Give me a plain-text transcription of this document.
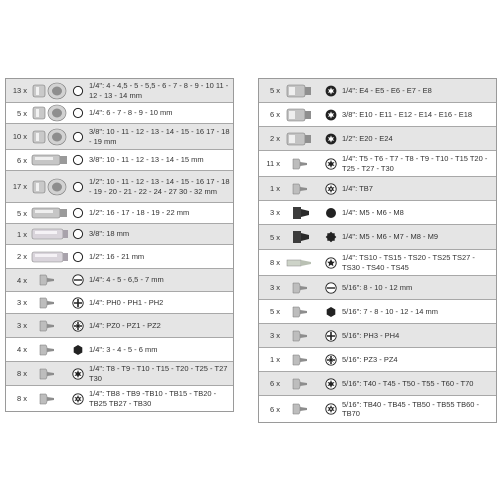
13 x
1/4": 4 - 4,5 - 5 - 5,5 - 6 - 7 - 8 - 9 - 10 11 - 12 - 13 - 14 mm
5 x	1/4": 6 - 7 - 8 - 9 - 10 mm
10 x
3/8": 10 - 11 - 12 - 13 - 14 - 15 - 16 17 - 18 - 19 mm
6 x	3/8": 10 - 11 - 12 - 13 - 14 - 15 mm
17 x
1/2": 10 - 11 - 12 - 13 - 14 - 15 - 16 17 - 18 - 19 - 20 - 21 - 22 - 24 - 27 30 - 32 mm
5 x	1/2": 16 - 17 - 18 - 19 - 22 mm
1 x	3/8": 18 mm
2 x	1/2": 16 - 21 mm
4 x	1/4": 4 - 5 - 6,5 - 7 mm
3 x	1/4": PH0 - PH1 - PH2
3 x	1/4": PZ0 - PZ1 - PZ2
4 x	1/4": 3 - 4 - 5 - 6 mm
8 x
1/4": T8 - T9 - T10 - T15 - T20 - T25 - T27 T30
8 x
1/4": TB8 - TB9 -TB10 - TB15 - TB20 - TB25 TB27 - TB30
5 x	1/4": E4 - E5 - E6 - E7 - E8
6 x	3/8": E10 - E11 - E12 - E14 - E16 - E18
2 x	1/2": E20 - E24
11 x
1/4": T5 - T6 - T7 - T8 - T9 - T10 - T15 T20 - T25 - T27 - T30
1 x	1/4": TB7
3 x	1/4": M5 - M6 - M8
5 x	1/4": M5 - M6 - M7 - M8 - M9
8 x
1/4": TS10 - TS15 - TS20 - TS25 TS27 - TS30 - TS40 - TS45
3 x	5/16": 8 - 10 - 12 mm
5 x	5/16": 7 - 8 - 10 - 12 - 14 mm
3 x	5/16": PH3 - PH4
1 x	5/16": PZ3 - PZ4
6 x	5/16": T40 - T45 - T50 - T55 - T60 - T70
6 x
5/16": TB40 - TB45 - TB50 - TB55 TB60 - TB70
